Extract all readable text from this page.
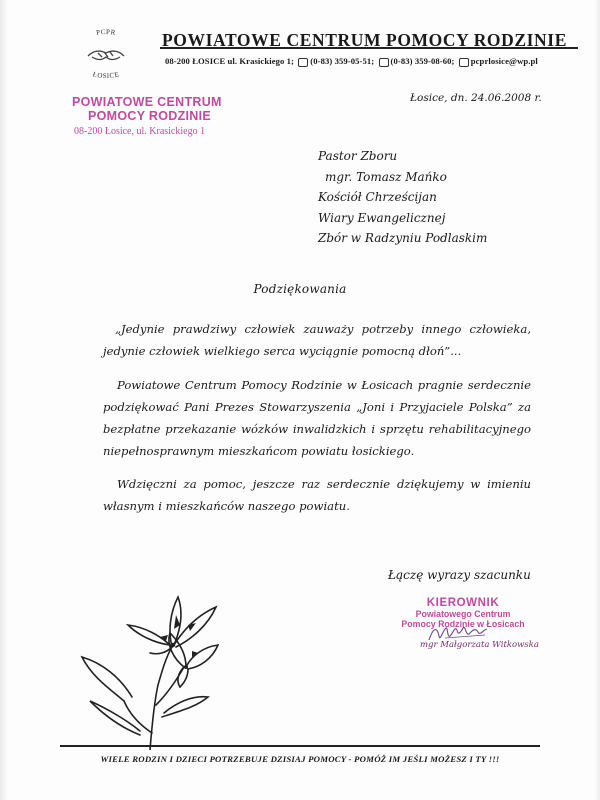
PCPR
ŁOSICE
POWIATOWE CENTRUM POMOCY RODZINIE
08-200 ŁOSICE ul. Krasickiego 1; (0-83) 359-05-51; (0-83) 359-08-60; pcprlosice@wp.pl
POWIATOWE CENTRUM
POMOCY RODZINIE
08-200 Łosice, ul. Krasickiego 1
Łosice, dn. 24.06.2008 r.
Pastor Zboru
mgr. Tomasz Mańko
Kościół Chrześcijan
Wiary Ewangelicznej
Zbór w Radzyniu Podlaskim
Podziękowania

„Jedynie prawdziwy człowiek zauważy potrzeby innego człowieka, jedynie człowiek wielkiego serca wyciągnie pomocną dłoń”...

Powiatowe Centrum Pomocy Rodzinie w Łosicach pragnie serdecznie podziękować Pani Prezes Stowarzyszenia „Joni i Przyjaciele Polska” za bezpłatne przekazanie wózków inwalidzkich i sprzętu rehabilitacyjnego niepełnosprawnym mieszkańcom powiatu łosickiego.

Wdzięczni za pomoc, jeszcze raz serdecznie dziękujemy w imieniu własnym i mieszkańców naszego powiatu.

Łączę wyrazy szacunku
KIEROWNIK
Powiatowego Centrum
Pomocy Rodzinie w Łosicach
mgr Małgorzata Witkowska
WIELE RODZIN I DZIECI POTRZEBUJE DZISIAJ POMOCY - POMÓŻ IM JEŚLI MOŻESZ I TY !!!
